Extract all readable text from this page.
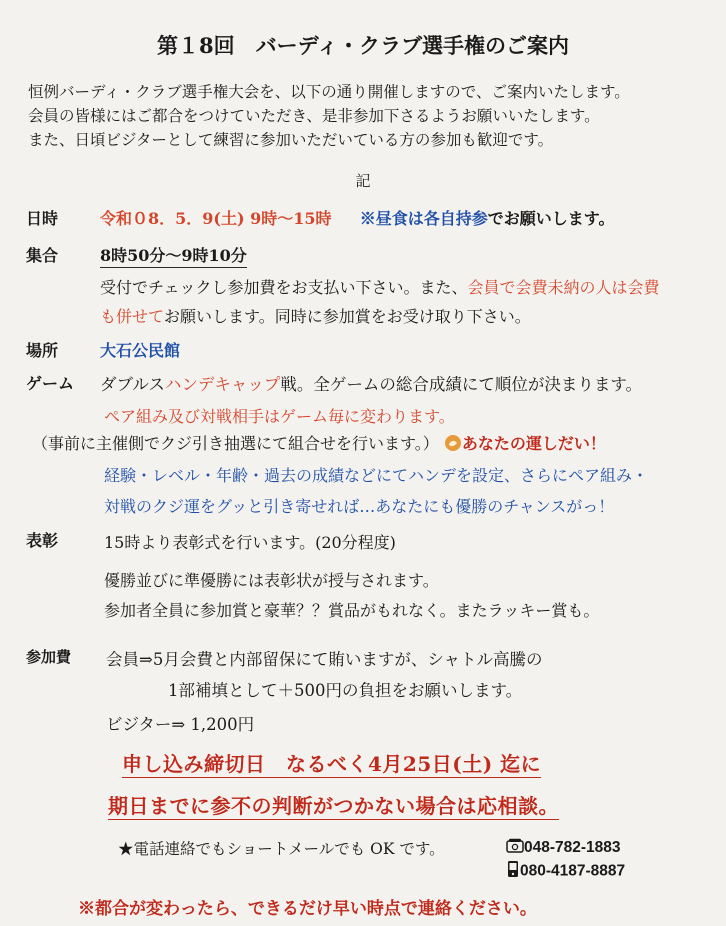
第１8回　バーディ・クラブ選手権のご案内
恒例バーディ・クラブ選手権大会を、以下の通り開催しますので、ご案内いたします。
会員の皆様にはご都合をつけていただき、是非参加下さるようお願いいたします。
また、日頃ビジターとして練習に参加いただいている方の参加も歓迎です。
記
日時	令和０8．5．9(土) 9時〜15時 ※昼食は各自持参でお願いします。
集合	8時50分〜9時10分
受付でチェックし参加費をお支払い下さい。また、会員で会費未納の人は会費
も併せてお願いします。同時に参加賞をお受け取り下さい。
場所	大石公民館
ゲーム ダブルスハンデキャップ戦。全ゲームの総合成績にて順位が決まります。
ペア組み及び対戦相手はゲーム毎に変わります。
（事前に主催側でクジ引き抽選にて組合せを行います。） あなたの運しだい！
経験・レベル・年齢・過去の成績などにてハンデを設定、さらにペア組み・
対戦のクジ運をグッと引き寄せれば…あなたにも優勝のチャンスがっ！
表彰	15時より表彰式を行います。(20分程度)
優勝並びに準優勝には表彰状が授与されます。
参加者全員に参加賞と豪華？？賞品がもれなく。またラッキー賞も。
参加費 会員⇒5月会費と内部留保にて賄いますが、シャトル高騰の
1部補填として＋500円の負担をお願いします。
ビジター⇒ 1,200円
申し込み締切日　なるべく4月25日(土) 迄に
期日までに参不の判断がつかない場合は応相談。
★電話連絡でもショートメールでも OK です。	048-782-1883
080-4187-8887
※都合が変わったら、できるだけ早い時点で連絡ください。
